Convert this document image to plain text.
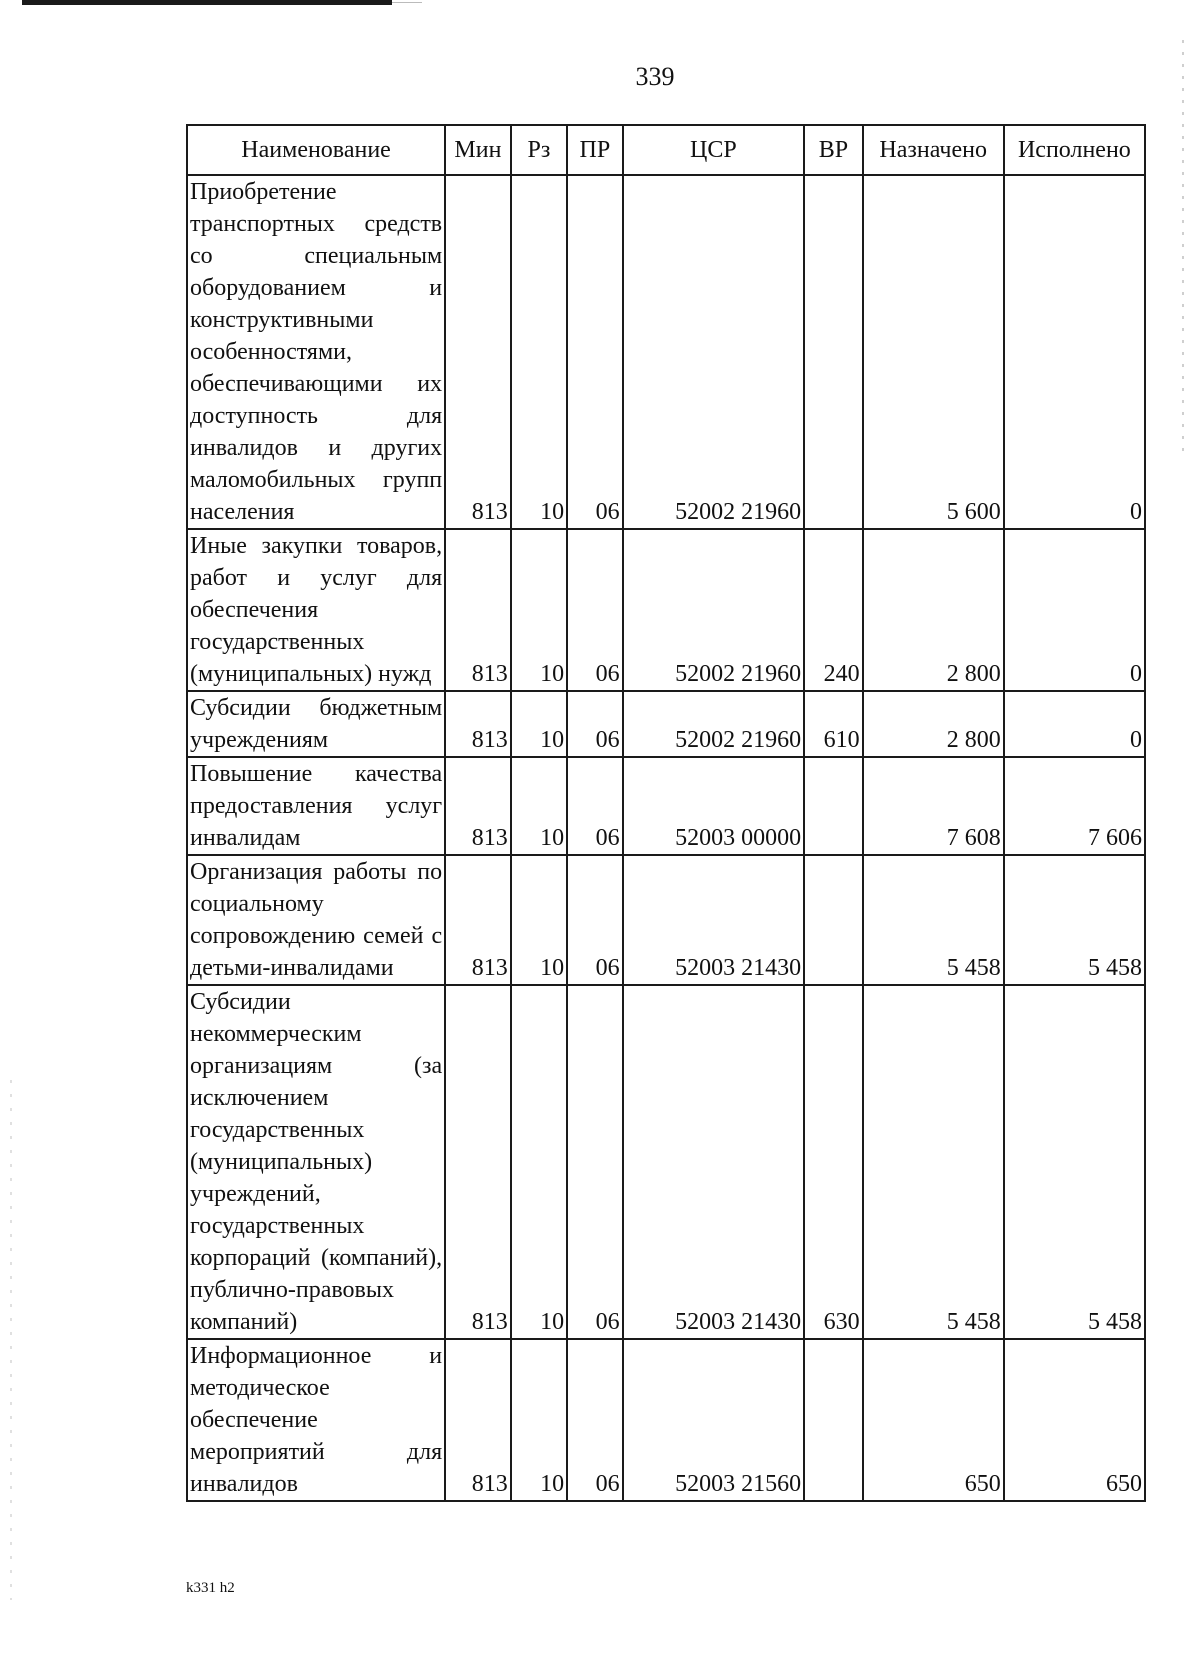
339
Наименование	Мин	Рз	ПР	ЦСР	ВР	Назначено	Исполнено
Приобретение транспортных средств со специальным оборудованием и конструктивными особенностями, обеспечивающими их доступность для инвалидов и других маломобильных групп населения	813	10	06	52002 21960		5 600	0
Иные закупки товаров, работ и услуг для обеспечения государственных (муниципальных) нужд	813	10	06	52002 21960	240	2 800	0
Субсидии бюджетным учреждениям	813	10	06	52002 21960	610	2 800	0
Повышение качества предоставления услуг инвалидам	813	10	06	52003 00000		7 608	7 606
Организация работы по социальному сопровождению семей с детьми-инвалидами	813	10	06	52003 21430		5 458	5 458
Субсидии некоммерческим организациям (за исключением государственных (муниципальных) учреждений, государственных корпораций (компаний), публично-правовых компаний)	813	10	06	52003 21430	630	5 458	5 458
Информационное и методическое обеспечение мероприятий для инвалидов	813	10	06	52003 21560		650	650
k331 h2
